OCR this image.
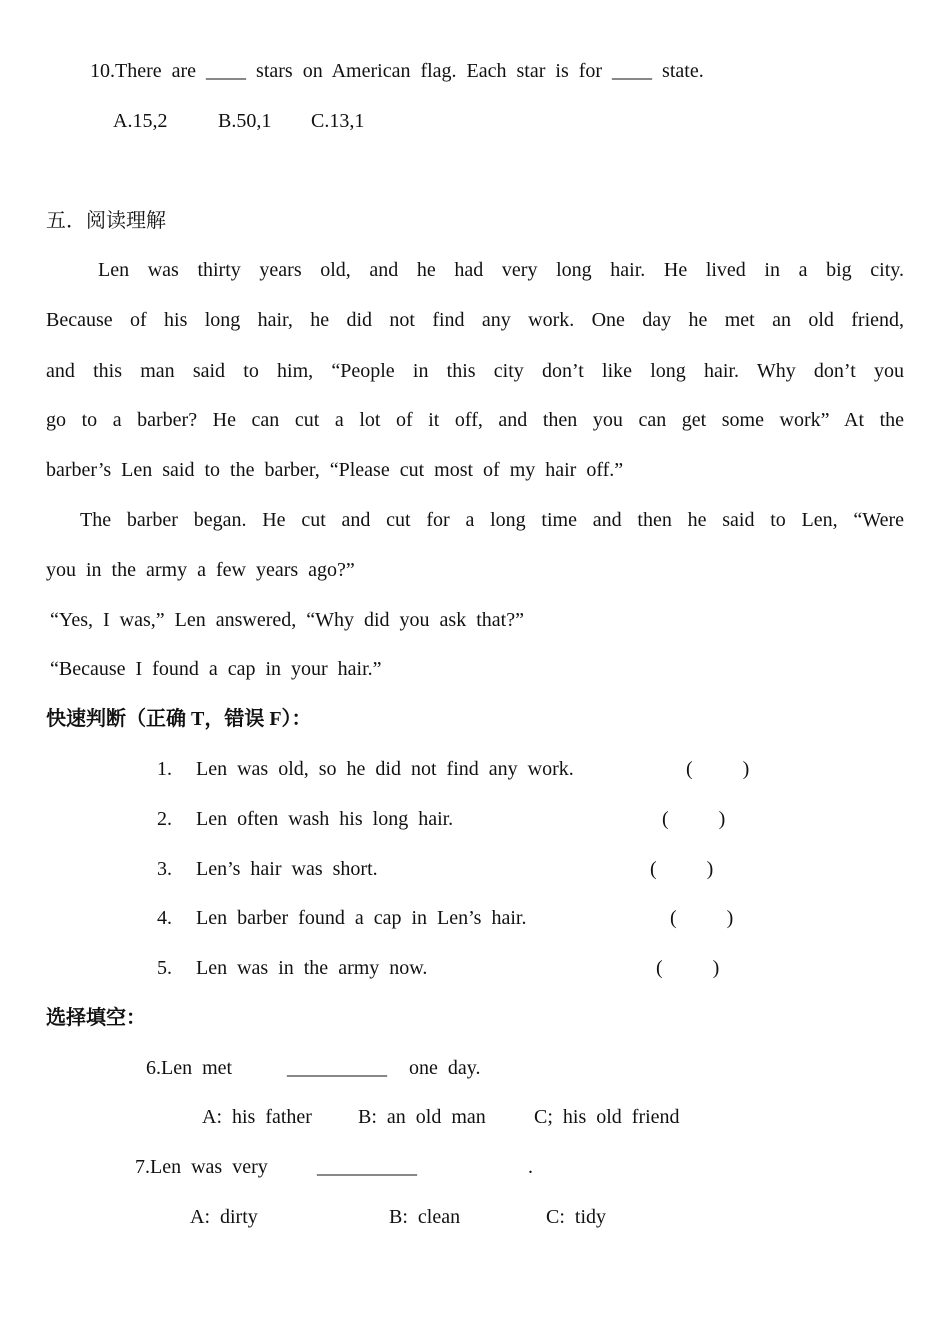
10.There  are  ____  stars  on  American  flag.  Each  star  is  for  ____  state.
A.15,2	B.50,1 C.13,1
五．阅读理解
Len was thirty years old, and he had very long hair. He lived in a big city.
Because of his long hair, he did not find any work. One day he met an old friend,
and this man said to him, “People in this city don’t like long hair. Why don’t you
go to a barber? He can cut a lot of it off, and then you can get some work” At the
barber’s  Len  said  to  the  barber,  “Please  cut  most  of  my  hair  off.”
The barber began. He cut and cut for a long time and then he said to Len, “Were
you  in  the  army  a  few  years  ago?”
“Yes,  I  was,”  Len  answered,  “Why  did  you  ask  that?”
“Because  I  found  a  cap  in  your  hair.”
快速判断（正确 T，错误 F）：
1. Len  was  old,  so  he  did  not  find  any  work.	(          )
2. Len  often  wash  his  long  hair.	(          )
3. Len’s  hair  was  short.	(          )
4. Len  barber  found  a  cap  in  Len’s  hair.	(          )
5. Len  was  in  the  army  now.	(          )
选择填空：
6.Len  met	__________ one  day.
A:  his  father B:  an  old  man C;  his  old  friend
7.Len  was  very __________	.
A:  dirty	B:  clean	C:  tidy
